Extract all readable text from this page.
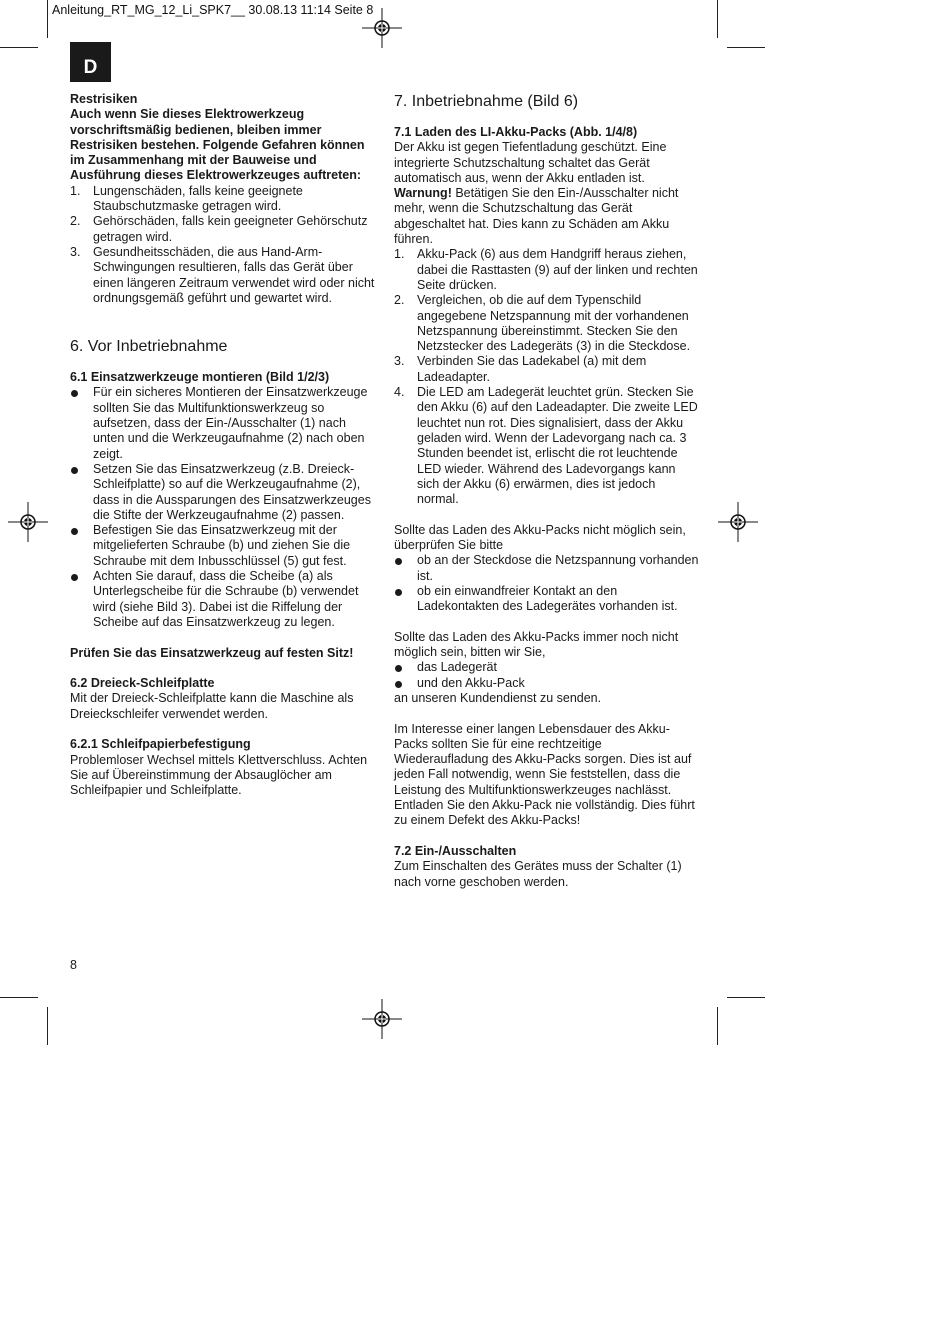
Anleitung_RT_MG_12_Li_SPK7__ 30.08.13 11:14 Seite 8
D

Restrisiken

Auch wenn Sie dieses Elektrowerkzeug vorschriftsmäßig bedienen, bleiben immer Restrisiken bestehen. Folgende Gefahren können im Zusammenhang mit der Bauweise und Ausführung dieses Elektrowerkzeuges auftreten:

1. Lungenschäden, falls keine geeignete Staubschutzmaske getragen wird.
2. Gehörschäden, falls kein geeigneter Gehörschutz getragen wird.
3. Gesundheitsschäden, die aus Hand-Arm-Schwingungen resultieren, falls das Gerät über einen längeren Zeitraum verwendet wird oder nicht ordnungsgemäß geführt und gewartet wird.
6. Vor Inbetriebnahme

6.1 Einsatzwerkzeuge montieren (Bild 1/2/3)

Für ein sicheres Montieren der Einsatzwerkzeuge sollten Sie das Multifunktionswerkzeug so aufsetzen, dass der Ein-/Ausschalter (1) nach unten und die Werkzeugaufnahme (2) nach oben zeigt.
Setzen Sie das Einsatzwerkzeug (z.B. Dreieck-Schleifplatte) so auf die Werkzeugaufnahme (2), dass in die Aussparungen des Einsatzwerkzeuges die Stifte der Werkzeugaufnahme (2) passen.
Befestigen Sie das Einsatzwerkzeug mit der mitgelieferten Schraube (b) und ziehen Sie die Schraube mit dem Inbusschlüssel (5) gut fest.
Achten Sie darauf, dass die Scheibe (a) als Unterlegscheibe für die Schraube (b) verwendet wird (siehe Bild 3). Dabei ist die Riffelung der Scheibe auf das Einsatzwerkzeug zu legen.

Prüfen Sie das Einsatzwerkzeug auf festen Sitz!

6.2 Dreieck-Schleifplatte

Mit der Dreieck-Schleifplatte kann die Maschine als Dreieckschleifer verwendet werden.

6.2.1 Schleifpapierbefestigung

Problemloser Wechsel mittels Klettverschluss. Achten Sie auf Übereinstimmung der Absauglöcher am Schleifpapier und Schleifplatte.

7. Inbetriebnahme (Bild 6)

7.1 Laden des LI-Akku-Packs (Abb. 1/4/8)

Der Akku ist gegen Tiefentladung geschützt. Eine integrierte Schutzschaltung schaltet das Gerät automatisch aus, wenn der Akku entladen ist.

Warnung! Betätigen Sie den Ein-/Ausschalter nicht mehr, wenn die Schutzschaltung das Gerät abgeschaltet hat. Dies kann zu Schäden am Akku führen.

1. Akku-Pack (6) aus dem Handgriff heraus ziehen, dabei die Rasttasten (9) auf der linken und rechten Seite drücken.
2. Vergleichen, ob die auf dem Typenschild angegebene Netzspannung mit der vorhandenen Netzspannung übereinstimmt. Stecken Sie den Netzstecker des Ladegeräts (3) in die Steckdose.
3. Verbinden Sie das Ladekabel (a) mit dem Ladeadapter.
4. Die LED am Ladegerät leuchtet grün. Stecken Sie den Akku (6) auf den Ladeadapter. Die zweite LED leuchtet nun rot. Dies signalisiert, dass der Akku geladen wird. Wenn der Ladevorgang nach ca. 3 Stunden beendet ist, erlischt die rot leuchtende LED wieder. Während des Ladevorgangs kann sich der Akku (6) erwärmen, dies ist jedoch normal.

Sollte das Laden des Akku-Packs nicht möglich sein, überprüfen Sie bitte

ob an der Steckdose die Netzspannung vorhanden ist.
ob ein einwandfreier Kontakt an den Ladekontakten des Ladegerätes vorhanden ist.

Sollte das Laden des Akku-Packs immer noch nicht möglich sein, bitten wir Sie,

das Ladegerät
und den Akku-Pack

an unseren Kundendienst zu senden.

Im Interesse einer langen Lebensdauer des Akku-Packs sollten Sie für eine rechtzeitige Wiederaufladung des Akku-Packs sorgen. Dies ist auf jeden Fall notwendig, wenn Sie feststellen, dass die Leistung des Multifunktionswerkzeuges nachlässt.

Entladen Sie den Akku-Pack nie vollständig. Dies führt zu einem Defekt des Akku-Packs!

7.2 Ein-/Ausschalten

Zum Einschalten des Gerätes muss der Schalter (1) nach vorne geschoben werden.

8
